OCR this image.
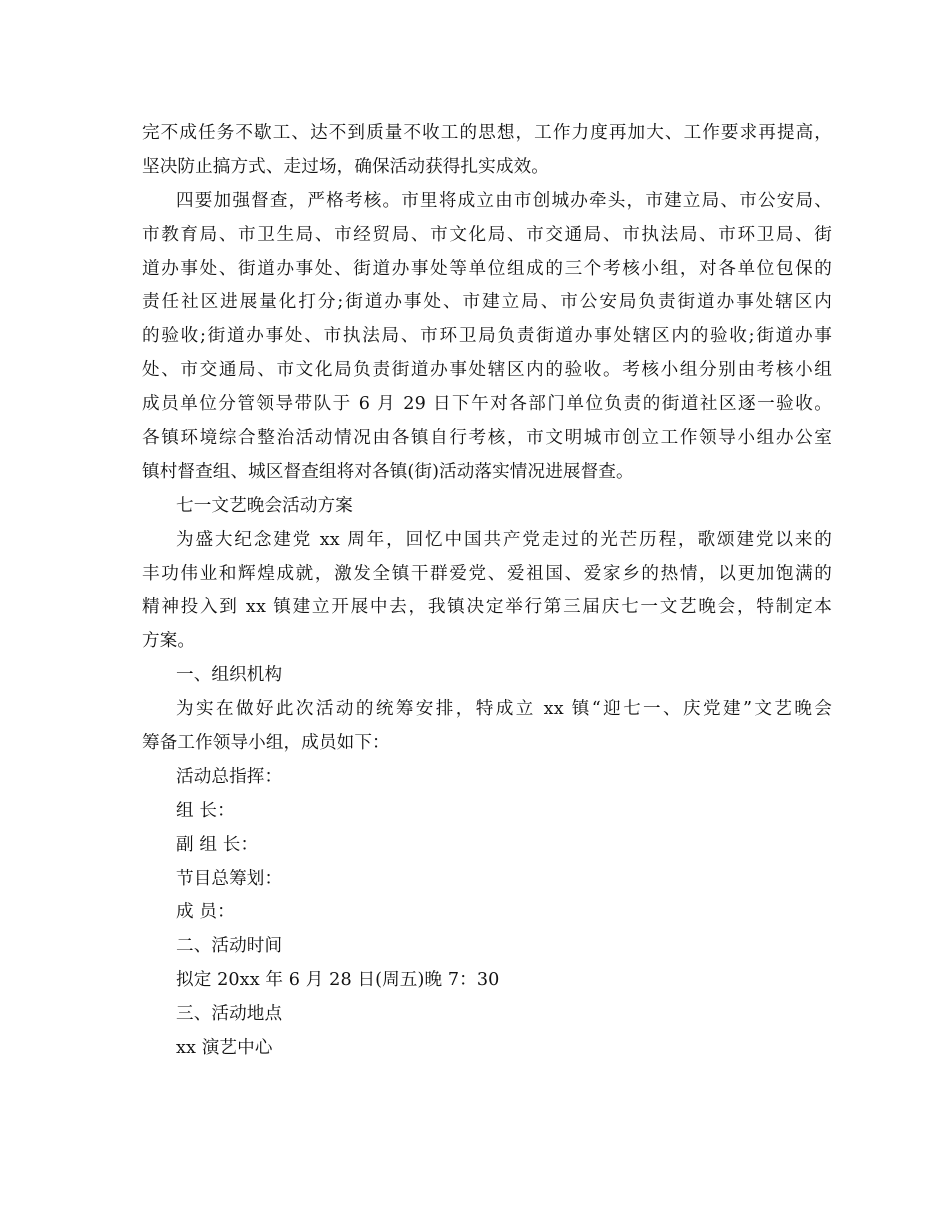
完不成任务不歇工、达不到质量不收工的思想，工作力度再加大、工作要求再提高，
坚决防止搞方式、走过场，确保活动获得扎实成效。
四要加强督查，严格考核。市里将成立由市创城办牵头，市建立局、市公安局、
市教育局、市卫生局、市经贸局、市文化局、市交通局、市执法局、市环卫局、街
道办事处、街道办事处、街道办事处等单位组成的三个考核小组，对各单位包保的
责任社区进展量化打分;街道办事处、市建立局、市公安局负责街道办事处辖区内
的验收;街道办事处、市执法局、市环卫局负责街道办事处辖区内的验收;街道办事
处、市交通局、市文化局负责街道办事处辖区内的验收。考核小组分别由考核小组
成员单位分管领导带队于 6 月 29 日下午对各部门单位负责的街道社区逐一验收。
各镇环境综合整治活动情况由各镇自行考核，市文明城市创立工作领导小组办公室
镇村督查组、城区督查组将对各镇(街)活动落实情况进展督查。
七一文艺晚会活动方案
为盛大纪念建党 xx 周年，回忆中国共产党走过的光芒历程，歌颂建党以来的
丰功伟业和辉煌成就，激发全镇干群爱党、爱祖国、爱家乡的热情，以更加饱满的
精神投入到 xx 镇建立开展中去，我镇决定举行第三届庆七一文艺晚会，特制定本
方案。
一、组织机构
为实在做好此次活动的统筹安排，特成立 xx 镇“迎七一、庆党建”文艺晚会
筹备工作领导小组，成员如下：
活动总指挥：
组 长：
副 组 长：
节目总筹划：
成 员：
二、活动时间
拟定 20xx 年 6 月 28 日(周五)晚 7：30
三、活动地点
xx 演艺中心
